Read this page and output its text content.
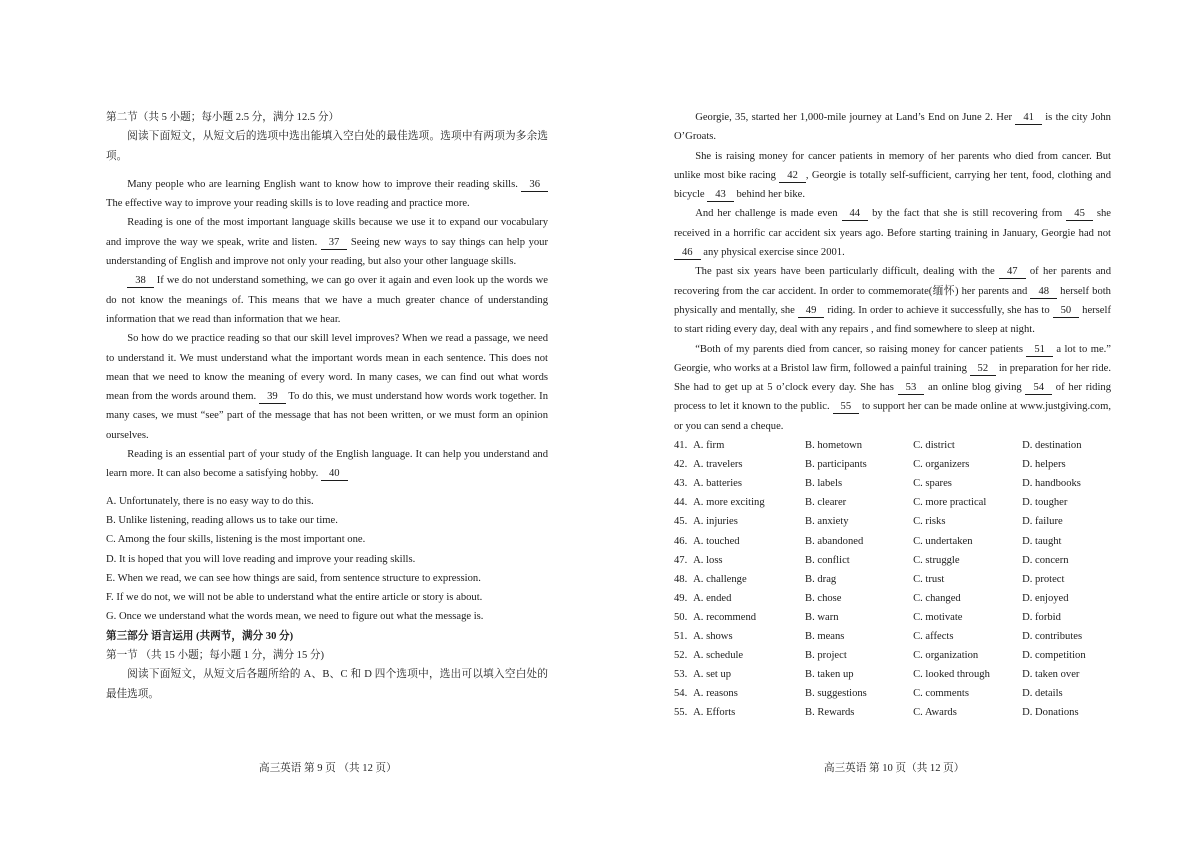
第二节（共 5 小题；每小题 2.5 分，满分 12.5 分）

阅读下面短文，从短文后的选项中选出能填入空白处的最佳选项。选项中有两项为多余选项。

Many people who are learning English want to know how to improve their reading skills. 36 The effective way to improve your reading skills is to love reading and practice more.

Reading is one of the most important language skills because we use it to expand our vocabulary and improve the way we speak, write and listen. 37 Seeing new ways to say things can help your understanding of English and improve not only your reading, but also your other language skills.

38 If we do not understand something, we can go over it again and even look up the words we do not know the meanings of. This means that we have a much greater chance of understanding information that we read than information that we hear.

So how do we practice reading so that our skill level improves? When we read a passage, we need to understand it. We must understand what the important words mean in each sentence. This does not mean that we need to know the meaning of every word. In many cases, we can find out what words mean from the words around them. 39 To do this, we must understand how words work together. In many cases, we must “see” part of the message that has not been written, or we must form an opinion ourselves.

Reading is an essential part of your study of the English language. It can help you understand and learn more. It can also become a satisfying hobby. 40

A. Unfortunately, there is no easy way to do this.
B. Unlike listening, reading allows us to take our time.
C. Among the four skills, listening is the most important one.
D. It is hoped that you will love reading and improve your reading skills.
E. When we read, we can see how things are said, from sentence structure to expression.
F. If we do not, we will not be able to understand what the entire article or story is about.
G. Once we understand what the words mean, we need to figure out what the message is.
第三部分 语言运用 (共两节，满分 30 分)
第一节 （共 15 小题；每小题 1 分，满分 15 分)

阅读下面短文，从短文后各题所给的 A、B、C 和 D 四个选项中，选出可以填入空白处的最佳选项。

高三英语 第 9 页 （共 12 页）

Georgie, 35, started her 1,000-mile journey at Land’s End on June 2. Her 41 is the city John O’Groats.

She is raising money for cancer patients in memory of her parents who died from cancer. But unlike most bike racing 42 , Georgie is totally self-sufficient, carrying her tent, food, clothing and bicycle 43 behind her bike.

And her challenge is made even 44 by the fact that she is still recovering from 45 she received in a horrific car accident six years ago. Before starting training in January, Georgie had not 46 any physical exercise since 2001.

The past six years have been particularly difficult, dealing with the 47 of her parents and recovering from the car accident. In order to commemorate(缅怀) her parents and 48 herself both physically and mentally, she 49 riding. In order to achieve it successfully, she has to 50 herself to start riding every day, deal with any repairs , and find somewhere to sleep at night.

“Both of my parents died from cancer, so raising money for cancer patients 51 a lot to me.” Georgie, who works at a Bristol law firm, followed a painful training 52 in preparation for her ride. She had to get up at 5 o’clock every day. She has 53 an online blog giving 54 of her riding process to let it known to the public. 55 to support her can be made online at www.justgiving.com, or you can send a cheque.

41. A. firm	B. hometown	C. district	D. destination
42. A. travelers	B. participants	C. organizers	D. helpers
43. A. batteries	B. labels	C. spares	D. handbooks
44. A. more exciting	B. clearer	C. more practical	D. tougher
45. A. injuries	B. anxiety	C. risks	D. failure
46. A. touched	B. abandoned	C. undertaken	D. taught
47. A. loss	B. conflict	C. struggle	D. concern
48. A. challenge	B. drag	C. trust	D. protect
49. A. ended	B. chose	C. changed	D. enjoyed
50. A. recommend	B. warn	C. motivate	D. forbid
51. A. shows	B. means	C. affects	D. contributes
52. A. schedule	B. project	C. organization	D. competition
53. A. set up	B. taken up	C. looked through	D. taken over
54. A. reasons	B. suggestions	C. comments	D. details
55. A. Efforts	B. Rewards	C. Awards	D. Donations
高三英语 第 10 页（共 12 页）
